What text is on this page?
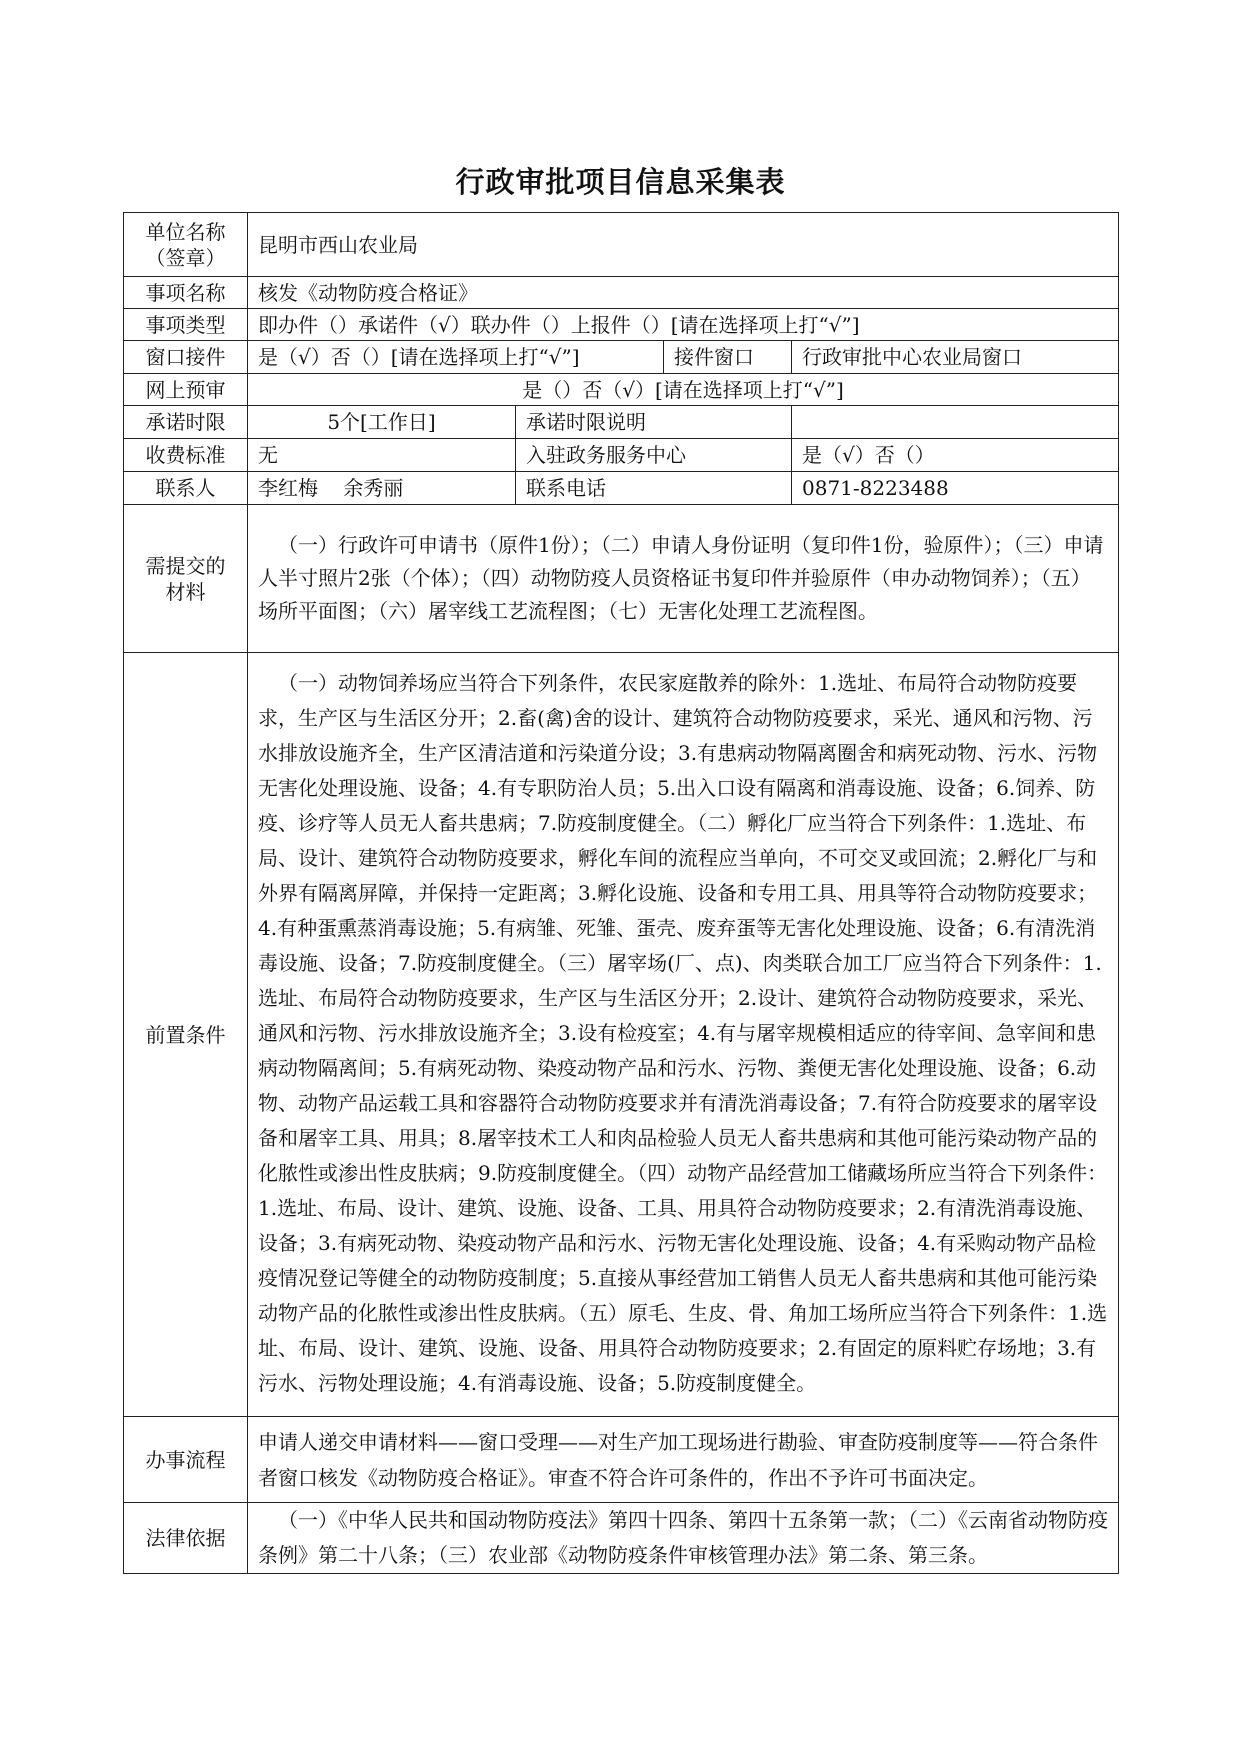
行政审批项目信息采集表
单位名称
（签章）	昆明市西山农业局			
事项名称	核发《动物防疫合格证》			
事项类型	即办件（）承诺件（√）联办件（）上报件（）[请在选择项上打“√”]			
窗口接件	是（√）否（）[请在选择项上打“√”]		接件窗口	行政审批中心农业局窗口
网上预审	是（）否（√）[请在选择项上打“√”]			
承诺时限	5个[工作日]	承诺时限说明		
收费标准	无	入驻政务服务中心		是（√）否（）
联系人	李红梅    余秀丽	联系电话		0871-8223488

需提交的
材料	（一）行政许可申请书（原件1份）；（二）申请人身份证明（复印件1份，验原件）；（三）申请人半寸照片2张（个体）；（四）动物防疫人员资格证书复印件并验原件（申办动物饲养）；（五）场所平面图；（六）屠宰线工艺流程图；（七）无害化处理工艺流程图。			

前置条件	（一）动物饲养场应当符合下列条件，农民家庭散养的除外：1.选址、布局符合动物防疫要求，生产区与生活区分开；2.畜(禽)舍的设计、建筑符合动物防疫要求，采光、通风和污物、污水排放设施齐全，生产区清洁道和污染道分设；3.有患病动物隔离圈舍和病死动物、污水、污物无害化处理设施、设备；4.有专职防治人员；5.出入口设有隔离和消毒设施、设备；6.饲养、防疫、诊疗等人员无人畜共患病；7.防疫制度健全。（二）孵化厂应当符合下列条件：1.选址、布局、设计、建筑符合动物防疫要求，孵化车间的流程应当单向，不可交叉或回流；2.孵化厂与和外界有隔离屏障，并保持一定距离；3.孵化设施、设备和专用工具、用具等符合动物防疫要求；4.有种蛋熏蒸消毒设施；5.有病雏、死雏、蛋壳、废弃蛋等无害化处理设施、设备；6.有清洗消毒设施、设备；7.防疫制度健全。（三）屠宰场(厂、点)、肉类联合加工厂应当符合下列条件：1.选址、布局符合动物防疫要求，生产区与生活区分开；2.设计、建筑符合动物防疫要求，采光、通风和污物、污水排放设施齐全；3.设有检疫室；4.有与屠宰规模相适应的待宰间、急宰间和患病动物隔离间；5.有病死动物、染疫动物产品和污水、污物、粪便无害化处理设施、设备；6.动物、动物产品运载工具和容器符合动物防疫要求并有清洗消毒设备；7.有符合防疫要求的屠宰设备和屠宰工具、用具；8.屠宰技术工人和肉品检验人员无人畜共患病和其他可能污染动物产品的化脓性或渗出性皮肤病；9.防疫制度健全。（四）动物产品经营加工储藏场所应当符合下列条件：1.选址、布局、设计、建筑、设施、设备、工具、用具符合动物防疫要求；2.有清洗消毒设施、设备；3.有病死动物、染疫动物产品和污水、污物无害化处理设施、设备；4.有采购动物产品检疫情况登记等健全的动物防疫制度；5.直接从事经营加工销售人员无人畜共患病和其他可能污染动物产品的化脓性或渗出性皮肤病。（五）原毛、生皮、骨、角加工场所应当符合下列条件：1.选址、布局、设计、建筑、设施、设备、用具符合动物防疫要求；2.有固定的原料贮存场地；3.有污水、污物处理设施；4.有消毒设施、设备；5.防疫制度健全。			

办事流程	申请人递交申请材料——窗口受理——对生产加工现场进行勘验、审查防疫制度等——符合条件者窗口核发《动物防疫合格证》。审查不符合许可条件的，作出不予许可书面决定。			

法律依据	（一）《中华人民共和国动物防疫法》第四十四条、第四十五条第一款；（二）《云南省动物防疫条例》第二十八条；（三）农业部《动物防疫条件审核管理办法》第二条、第三条。			
